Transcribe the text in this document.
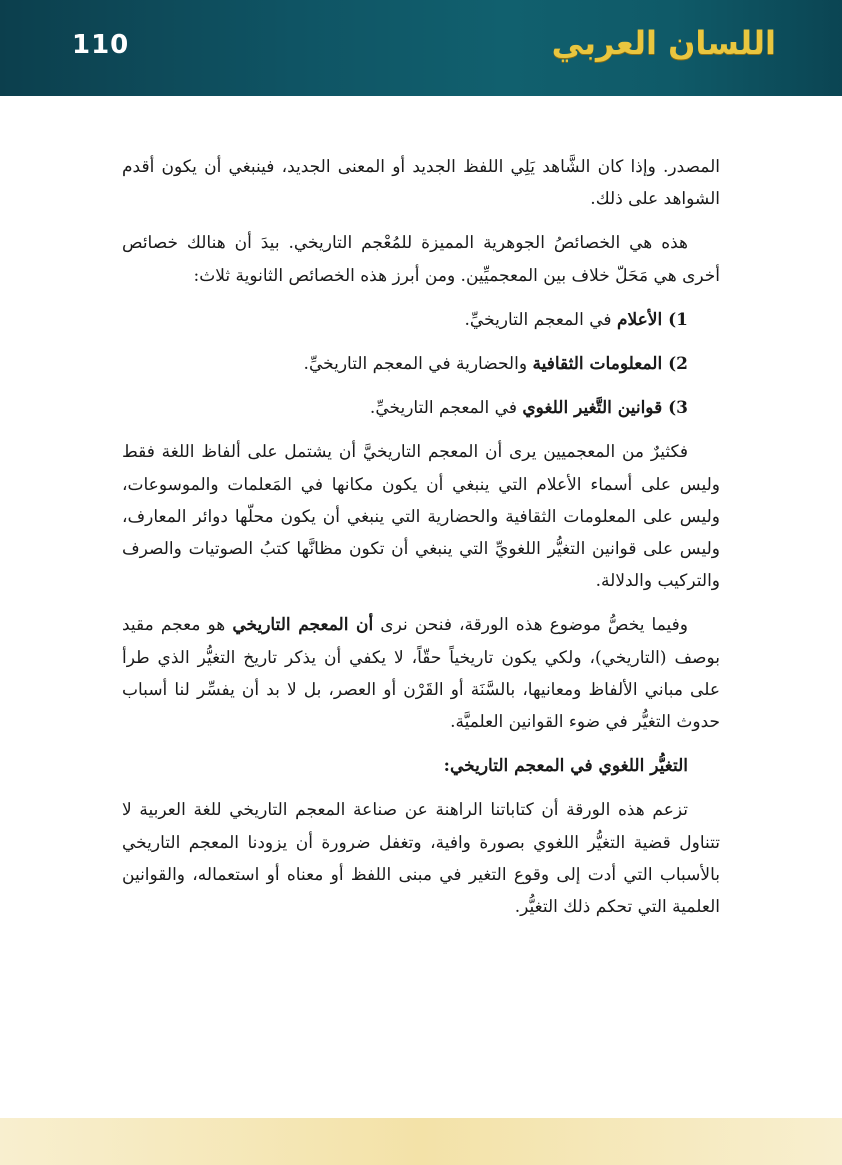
110	اللسان العربي

المصدر. وإذا كان الشَّاهد يَلِي اللفظ الجديد أو المعنى الجديد، فينبغي أن يكون أقدم الشواهد على ذلك.

هذه هي الخصائصُ الجوهرية المميزة للمُعْجم التاريخي. بيدَ أن هنالك خصائص أخرى هي مَحَلّ خلاف بين المعجميِّين. ومن أبرز هذه الخصائص الثانوية ثلاث:

1) الأعلام في المعجم التاريخيِّ.

2) المعلومات الثقافية والحضارية في المعجم التاريخيِّ.

3) قوانين التَّغير اللغوي في المعجم التاريخيِّ.

فكثيرٌ من المعجميين يرى أن المعجم التاريخيَّ أن يشتمل على ألفاظ اللغة فقط وليس على أسماء الأعلام التي ينبغي أن يكون مكانها في المَعلمات والموسوعات، وليس على المعلومات الثقافية والحضارية التي ينبغي أن يكون محلّها دوائر المعارف، وليس على قوانين التغيُّر اللغويِّ التي ينبغي أن تكون مظانَّها كتبُ الصوتيات والصرف والتركيب والدلالة.

وفيما يخصُّ موضوع هذه الورقة، فنحن نرى أن المعجم التاريخي هو معجم مقيد بوصف (التاريخي)، ولكي يكون تاريخياً حقّاً، لا يكفي أن يذكر تاريخ التغيُّر الذي طرأ على مباني الألفاظ ومعانيها، بالسَّنَة أو القَرْن أو العصر، بل لا بد أن يفسِّر لنا أسباب حدوث التغيُّر في ضوء القوانين العلميَّة.

التغيُّر اللغوي في المعجم التاريخي:

تزعم هذه الورقة أن كتاباتنا الراهنة عن صناعة المعجم التاريخي للغة العربية لا تتناول قضية التغيُّر اللغوي بصورة وافية، وتغفل ضرورة أن يزودنا المعجم التاريخي بالأسباب التي أدت إلى وقوع التغير في مبنى اللفظ أو معناه أو استعماله، والقوانين العلمية التي تحكم ذلك التغيُّر.
